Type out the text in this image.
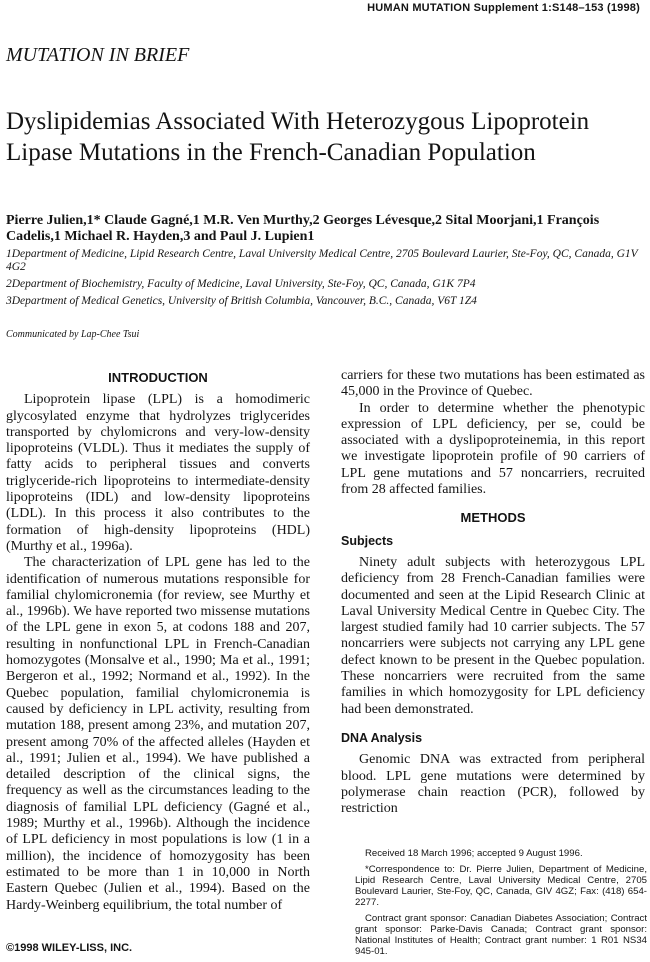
HUMAN MUTATION Supplement 1:S148–153 (1998)
MUTATION IN BRIEF
Dyslipidemias Associated With Heterozygous Lipoprotein Lipase Mutations in the French-Canadian Population
Pierre Julien,1* Claude Gagné,1 M.R. Ven Murthy,2 Georges Lévesque,2 Sital Moorjani,1 François Cadelis,1 Michael R. Hayden,3 and Paul J. Lupien1

1Department of Medicine, Lipid Research Centre, Laval University Medical Centre, 2705 Boulevard Laurier, Ste-Foy, QC, Canada, G1V 4G2

2Department of Biochemistry, Faculty of Medicine, Laval University, Ste-Foy, QC, Canada, G1K 7P4

3Department of Medical Genetics, University of British Columbia, Vancouver, B.C., Canada, V6T 1Z4

Communicated by Lap-Chee Tsui
INTRODUCTION

Lipoprotein lipase (LPL) is a homodimeric glycosylated enzyme that hydrolyzes triglycerides transported by chylomicrons and very-low-density lipoproteins (VLDL). Thus it mediates the supply of fatty acids to peripheral tissues and converts triglyceride-rich lipoproteins to intermediate-density lipoproteins (IDL) and low-density lipoproteins (LDL). In this process it also contributes to the formation of high-density lipoproteins (HDL) (Murthy et al., 1996a).

The characterization of LPL gene has led to the identification of numerous mutations responsible for familial chylomicronemia (for review, see Murthy et al., 1996b). We have reported two missense mutations of the LPL gene in exon 5, at codons 188 and 207, resulting in nonfunctional LPL in French-Canadian homozygotes (Monsalve et al., 1990; Ma et al., 1991; Bergeron et al., 1992; Normand et al., 1992). In the Quebec population, familial chylomicronemia is caused by deficiency in LPL activity, resulting from mutation 188, present among 23%, and mutation 207, present among 70% of the affected alleles (Hayden et al., 1991; Julien et al., 1994). We have published a detailed description of the clinical signs, the frequency as well as the circumstances leading to the diagnosis of familial LPL deficiency (Gagné et al., 1989; Murthy et al., 1996b). Although the incidence of LPL deficiency in most populations is low (1 in a million), the incidence of homozygosity has been estimated to be more than 1 in 10,000 in North Eastern Quebec (Julien et al., 1994). Based on the Hardy-Weinberg equilibrium, the total number of

carriers for these two mutations has been estimated as 45,000 in the Province of Quebec.

In order to determine whether the phenotypic expression of LPL deficiency, per se, could be associated with a dyslipoproteinemia, in this report we investigate lipoprotein profile of 90 carriers of LPL gene mutations and 57 noncarriers, recruited from 28 affected families.

METHODS
Subjects

Ninety adult subjects with heterozygous LPL deficiency from 28 French-Canadian families were documented and seen at the Lipid Research Clinic at Laval University Medical Centre in Quebec City. The largest studied family had 10 carrier subjects. The 57 noncarriers were subjects not carrying any LPL gene defect known to be present in the Quebec population. These noncarriers were recruited from the same families in which homozygosity for LPL deficiency had been demonstrated.

DNA Analysis

Genomic DNA was extracted from peripheral blood. LPL gene mutations were determined by polymerase chain reaction (PCR), followed by restriction

Received 18 March 1996; accepted 9 August 1996.

*Correspondence to: Dr. Pierre Julien, Department of Medicine, Lipid Research Centre, Laval University Medical Centre, 2705 Boulevard Laurier, Ste-Foy, QC, Canada, GIV 4GZ; Fax: (418) 654-2277.

Contract grant sponsor: Canadian Diabetes Association; Contract grant sponsor: Parke-Davis Canada; Contract grant sponsor: National Institutes of Health; Contract grant number: 1 R01 NS34 945-01.

©1998 WILEY-LISS, INC.
